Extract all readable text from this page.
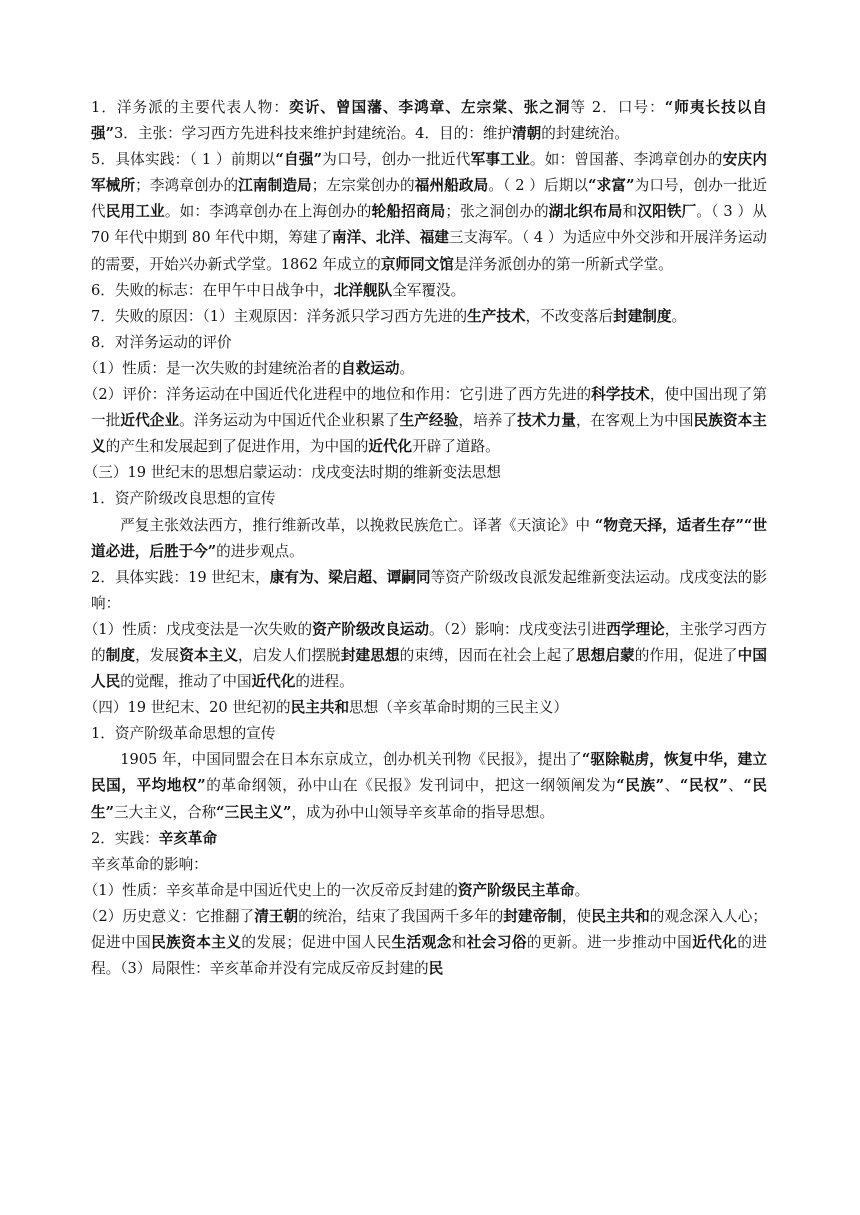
1．洋务派的主要代表人物：奕䜣、曾国藩、李鸿章、左宗棠、张之洞等 2．口号：“师夷长技以自强”3．主张：学习西方先进科技来维护封建统治。4．目的：维护清朝的封建统治。

5．具体实践：（ 1 ）前期以“自强”为口号，创办一批近代军事工业。如：曾国蕃、李鸿章创办的安庆内军械所；李鸿章创办的江南制造局；左宗棠创办的福州船政局。（ 2 ）后期以“求富”为口号，创办一批近代民用工业。如：李鸿章创办在上海创办的轮船招商局；张之洞创办的湖北织布局和汉阳铁厂。（ 3 ）从 70 年代中期到 80 年代中期，筹建了南洋、北洋、福建三支海军。（ 4 ）为适应中外交涉和开展洋务运动的需要，开始兴办新式学堂。1862 年成立的京师同文馆是洋务派创办的第一所新式学堂。

6．失败的标志：在甲午中日战争中，北洋舰队全军覆没。

7．失败的原因：（1）主观原因：洋务派只学习西方先进的生产技术，不改变落后封建制度。

8．对洋务运动的评价

（1）性质：是一次失败的封建统治者的自救运动。

（2）评价：洋务运动在中国近代化进程中的地位和作用：它引进了西方先进的科学技术，使中国出现了第一批近代企业。洋务运动为中国近代企业积累了生产经验，培养了技术力量，在客观上为中国民族资本主义的产生和发展起到了促进作用，为中国的近代化开辟了道路。

（三）19 世纪末的思想启蒙运动：戊戌变法时期的维新变法思想

1．资产阶级改良思想的宣传

严复主张效法西方，推行维新改革，以挽救民族危亡。译著《天演论》中 “物竞天择，适者生存”“世道必进，后胜于今”的进步观点。

2．具体实践：19 世纪末，康有为、梁启超、谭嗣同等资产阶级改良派发起维新变法运动。戊戌变法的影响：

（1）性质：戊戌变法是一次失败的资产阶级改良运动。（2）影响：戊戌变法引进西学理论，主张学习西方的制度，发展资本主义，启发人们摆脱封建思想的束缚，因而在社会上起了思想启蒙的作用，促进了中国人民的觉醒，推动了中国近代化的进程。

（四）19 世纪末、20 世纪初的民主共和思想（辛亥革命时期的三民主义）

1．资产阶级革命思想的宣传

1905 年，中国同盟会在日本东京成立，创办机关刊物《民报》，提出了“驱除鞑虏，恢复中华，建立民国，平均地权”的革命纲领，孙中山在《民报》发刊词中，把这一纲领阐发为“民族”、“民权”、“民生”三大主义，合称“三民主义”，成为孙中山领导辛亥革命的指导思想。

2．实践：辛亥革命

辛亥革命的影响：

（1）性质：辛亥革命是中国近代史上的一次反帝反封建的资产阶级民主革命。

（2）历史意义：它推翻了清王朝的统治，结束了我国两千多年的封建帝制，使民主共和的观念深入人心；促进中国民族资本主义的发展；促进中国人民生活观念和社会习俗的更新。进一步推动中国近代化的进程。（3）局限性：辛亥革命并没有完成反帝反封建的民
